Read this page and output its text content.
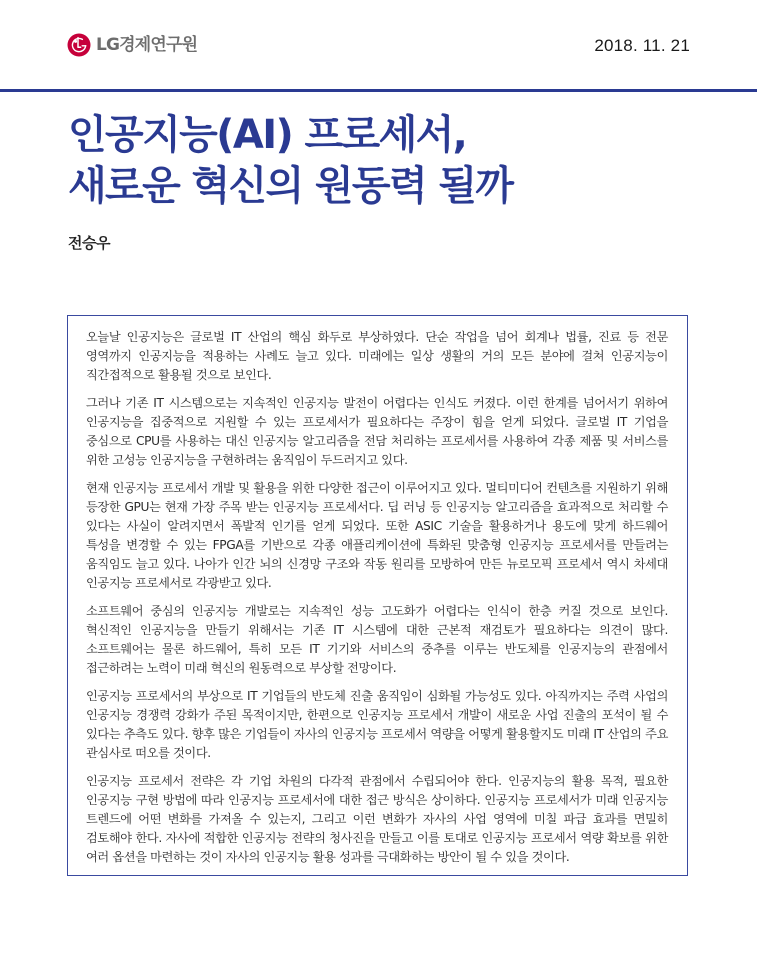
LG경제연구원	2018. 11. 21
인공지능(AI) 프로세서,
새로운 혁신의 원동력 될까
전승우

오늘날 인공지능은 글로벌 IT 산업의 핵심 화두로 부상하였다. 단순 작업을 넘어 회계나 법률, 진료 등 전문 영역까지 인공지능을 적용하는 사례도 늘고 있다. 미래에는 일상 생활의 거의 모든 분야에 걸쳐 인공지능이 직간접적으로 활용될 것으로 보인다.

그러나 기존 IT 시스템으로는 지속적인 인공지능 발전이 어렵다는 인식도 커졌다. 이런 한계를 넘어서기 위하여 인공지능을 집중적으로 지원할 수 있는 프로세서가 필요하다는 주장이 힘을 얻게 되었다. 글로벌 IT 기업을 중심으로 CPU를 사용하는 대신 인공지능 알고리즘을 전담 처리하는 프로세서를 사용하여 각종 제품 및 서비스를 위한 고성능 인공지능을 구현하려는 움직임이 두드러지고 있다.

현재 인공지능 프로세서 개발 및 활용을 위한 다양한 접근이 이루어지고 있다. 멀티미디어 컨텐츠를 지원하기 위해 등장한 GPU는 현재 가장 주목 받는 인공지능 프로세서다. 딥 러닝 등 인공지능 알고리즘을 효과적으로 처리할 수 있다는 사실이 알려지면서 폭발적 인기를 얻게 되었다. 또한 ASIC 기술을 활용하거나 용도에 맞게 하드웨어 특성을 변경할 수 있는 FPGA를 기반으로 각종 애플리케이션에 특화된 맞춤형 인공지능 프로세서를 만들려는 움직임도 늘고 있다. 나아가 인간 뇌의 신경망 구조와 작동 원리를 모방하여 만든 뉴로모픽 프로세서 역시 차세대 인공지능 프로세서로 각광받고 있다.

소프트웨어 중심의 인공지능 개발로는 지속적인 성능 고도화가 어렵다는 인식이 한층 커질 것으로 보인다. 혁신적인 인공지능을 만들기 위해서는 기존 IT 시스템에 대한 근본적 재검토가 필요하다는 의견이 많다. 소프트웨어는 물론 하드웨어, 특히 모든 IT 기기와 서비스의 중추를 이루는 반도체를 인공지능의 관점에서 접근하려는 노력이 미래 혁신의 원동력으로 부상할 전망이다.

인공지능 프로세서의 부상으로 IT 기업들의 반도체 진출 움직임이 심화될 가능성도 있다. 아직까지는 주력 사업의 인공지능 경쟁력 강화가 주된 목적이지만, 한편으로 인공지능 프로세서 개발이 새로운 사업 진출의 포석이 될 수 있다는 추측도 있다. 향후 많은 기업들이 자사의 인공지능 프로세서 역량을 어떻게 활용할지도 미래 IT 산업의 주요 관심사로 떠오를 것이다.

인공지능 프로세서 전략은 각 기업 차원의 다각적 관점에서 수립되어야 한다. 인공지능의 활용 목적, 필요한 인공지능 구현 방법에 따라 인공지능 프로세서에 대한 접근 방식은 상이하다. 인공지능 프로세서가 미래 인공지능 트렌드에 어떤 변화를 가져올 수 있는지, 그리고 이런 변화가 자사의 사업 영역에 미칠 파급 효과를 면밀히 검토해야 한다. 자사에 적합한 인공지능 전략의 청사진을 만들고 이를 토대로 인공지능 프로세서 역량 확보를 위한 여러 옵션을 마련하는 것이 자사의 인공지능 활용 성과를 극대화하는 방안이 될 수 있을 것이다.
